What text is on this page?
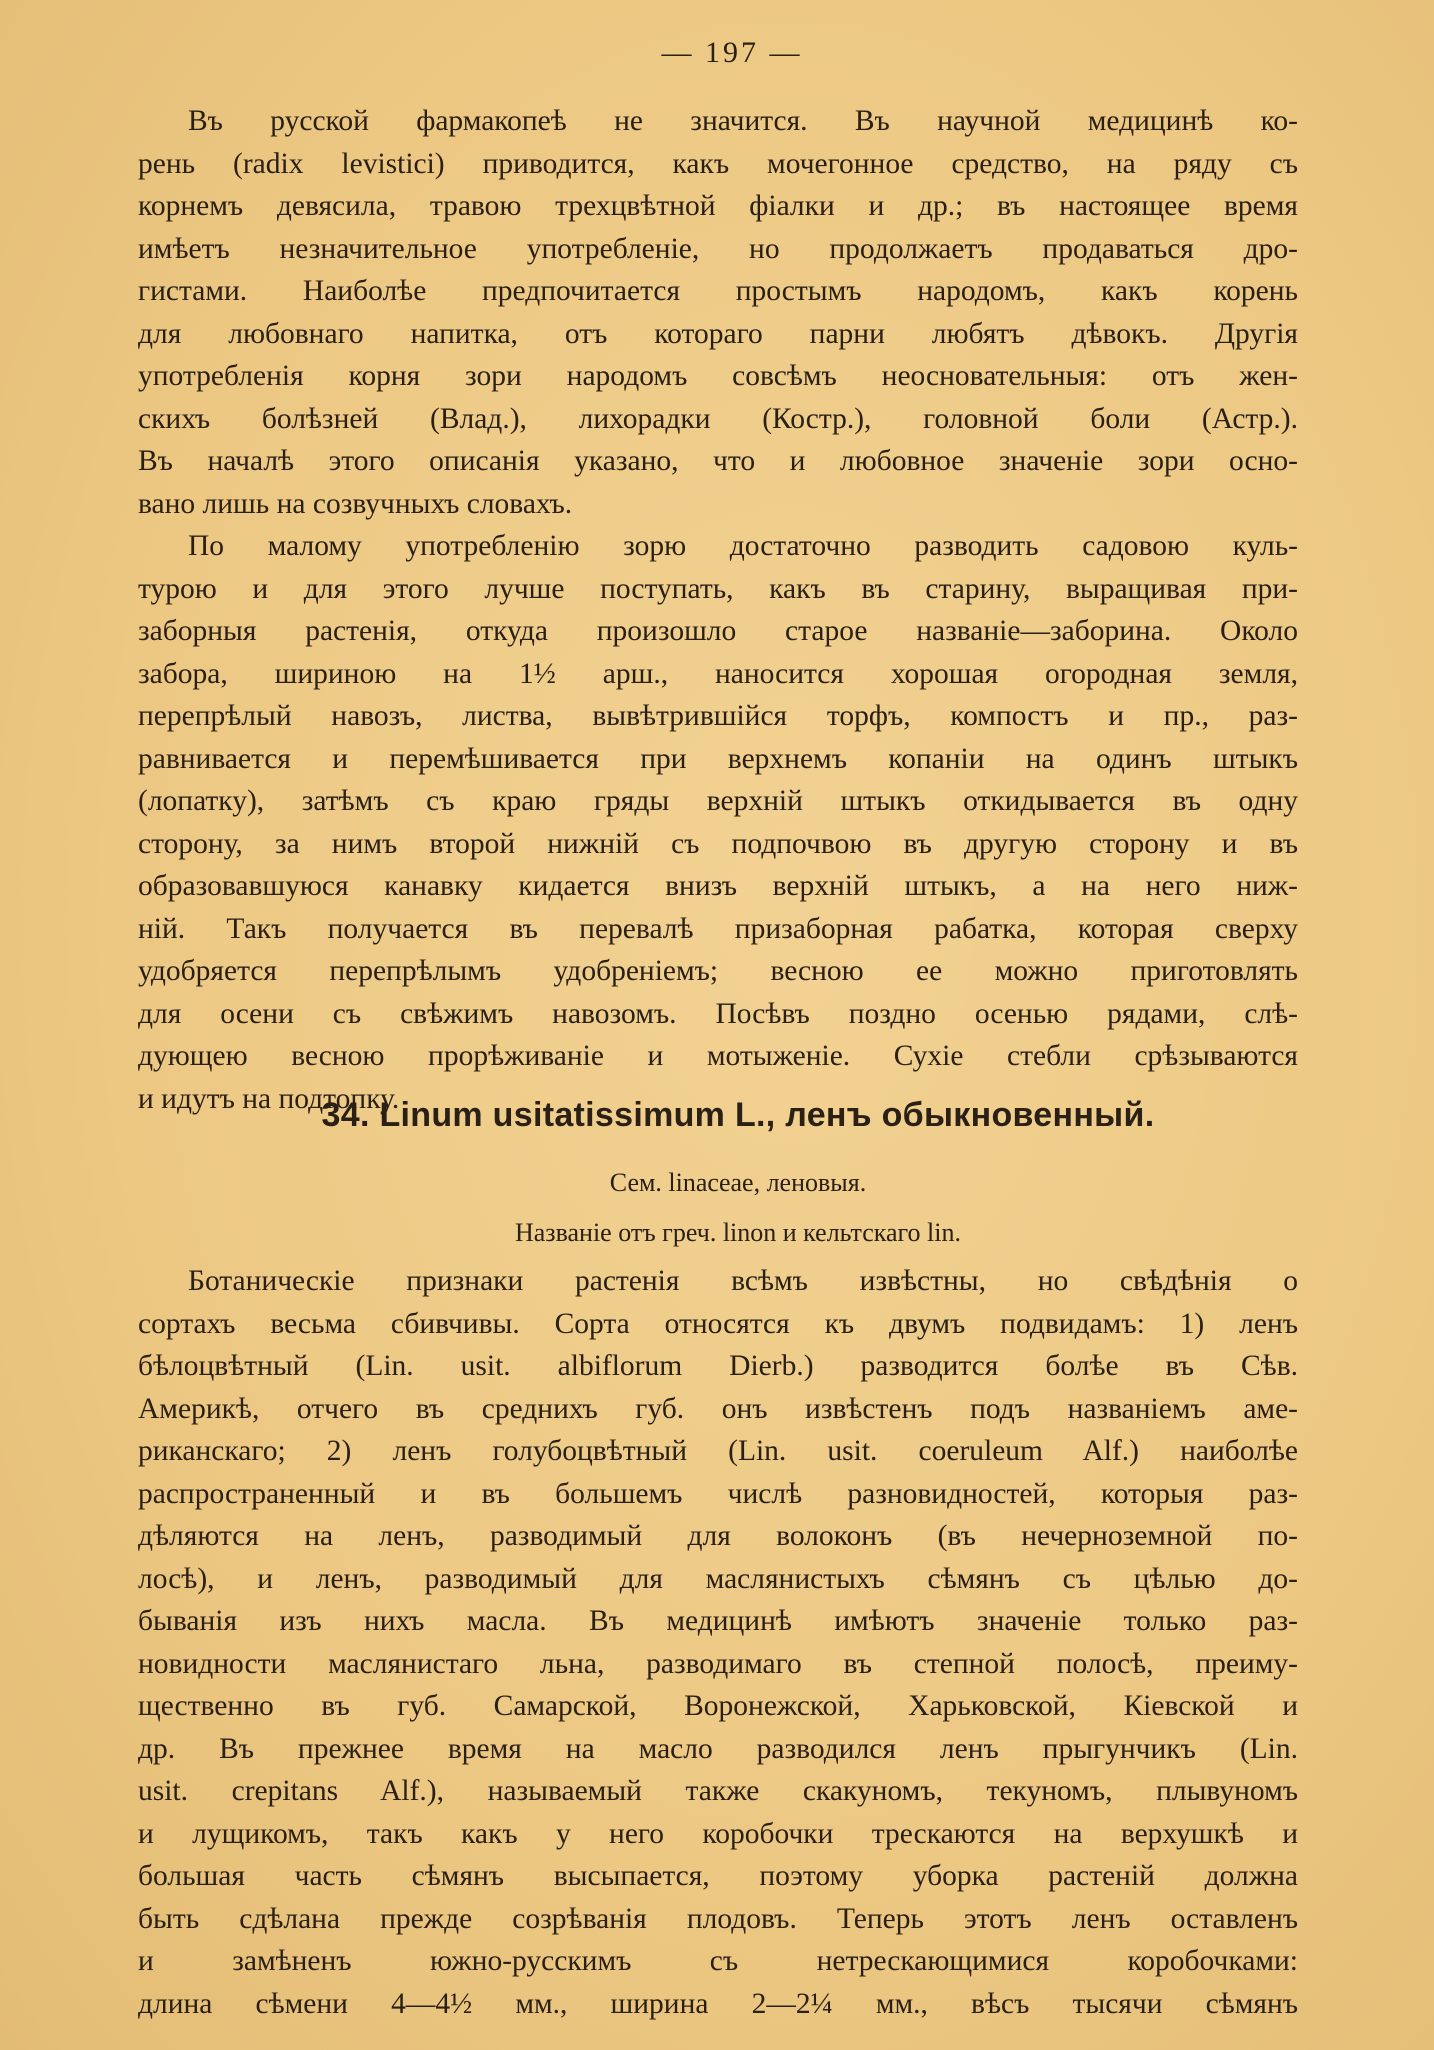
— 197 —
Въ русской фармакопеѣ не значится. Въ научной медицинѣ ко-
рень (radix levistici) приводится, какъ мочегонное средство, на ряду съ
корнемъ девясила, травою трехцвѣтной фіалки и др.; въ настоящее время
имѣетъ незначительное употребленіе, но продолжаетъ продаваться дро-
гистами. Наиболѣе предпочитается простымъ народомъ, какъ корень
для любовнаго напитка, отъ котораго парни любятъ дѣвокъ. Другія
употребленія корня зори народомъ совсѣмъ неосновательныя: отъ жен-
скихъ болѣзней (Влад.), лихорадки (Костр.), головной боли (Астр.).
Въ началѣ этого описанія указано, что и любовное значеніе зори осно-
вано лишь на созвучныхъ словахъ.
По малому употребленію зорю достаточно разводить садовою куль-
турою и для этого лучше поступать, какъ въ старину, выращивая при-
заборныя растенія, откуда произошло старое названіе—заборина. Около
забора, шириною на 1½ арш., наносится хорошая огородная земля,
перепрѣлый навозъ, листва, вывѣтрившійся торфъ, компостъ и пр., раз-
равнивается и перемѣшивается при верхнемъ копаніи на одинъ штыкъ
(лопатку), затѣмъ съ краю гряды верхній штыкъ откидывается въ одну
сторону, за нимъ второй нижній съ подпочвою въ другую сторону и въ
образовавшуюся канавку кидается внизъ верхній штыкъ, а на него ниж-
ній. Такъ получается въ перевалѣ призаборная рабатка, которая сверху
удобряется перепрѣлымъ удобреніемъ; весною ее можно приготовлять
для осени съ свѣжимъ навозомъ. Посѣвъ поздно осенью рядами, слѣ-
дующею весною прорѣживаніе и мотыженіе. Сухіе стебли срѣзываются
и идутъ на подтопку.
34. Linum usitatissimum L., ленъ обыкновенный.
Сем. linaceae, леновыя.
Названіе отъ греч. linon и кельтскаго lin.
Ботаническіе признаки растенія всѣмъ извѣстны, но свѣдѣнія о
сортахъ весьма сбивчивы. Сорта относятся къ двумъ подвидамъ: 1) ленъ
бѣлоцвѣтный (Lin. usit. albiflorum Dierb.) разводится болѣе въ Сѣв.
Америкѣ, отчего въ среднихъ губ. онъ извѣстенъ подъ названіемъ аме-
риканскаго; 2) ленъ голубоцвѣтный (Lin. usit. coeruleum Alf.) наиболѣе
распространенный и въ большемъ числѣ разновидностей, которыя раз-
дѣляются на ленъ, разводимый для волоконъ (въ нечерноземной по-
лосѣ), и ленъ, разводимый для маслянистыхъ сѣмянъ съ цѣлью до-
быванія изъ нихъ масла. Въ медицинѣ имѣютъ значеніе только раз-
новидности маслянистаго льна, разводимаго въ степной полосѣ, преиму-
щественно въ губ. Самарской, Воронежской, Харьковской, Кіевской и
др. Въ прежнее время на масло разводился ленъ прыгунчикъ (Lin.
usit. crepitans Alf.), называемый также скакуномъ, текуномъ, плывуномъ
и лущикомъ, такъ какъ у него коробочки трескаются на верхушкѣ и
большая часть сѣмянъ высыпается, поэтому уборка растеній должна
быть сдѣлана прежде созрѣванія плодовъ. Теперь этотъ ленъ оставленъ
и замѣненъ южно-русскимъ съ нетрескающимися коробочками:
длина сѣмени 4—4½ мм., ширина 2—2¼ мм., вѣсъ тысячи сѣмянъ
